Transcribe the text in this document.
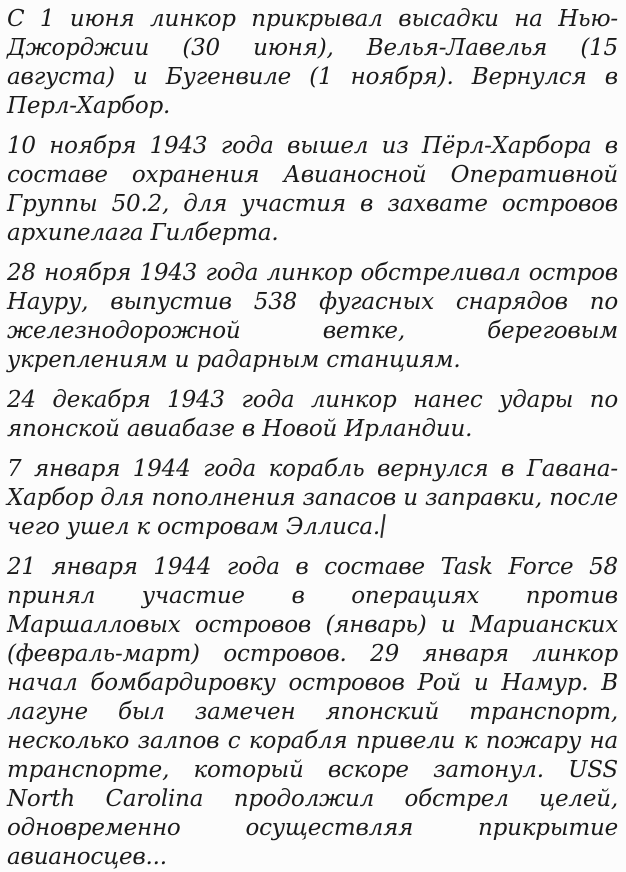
С 1 июня линкор прикрывал высадки на Нью-Джорджии (30 июня), Велья-Лавелья (15 августа) и Бугенвиле (1 ноября). Вернулся в Перл-Харбор.

10 ноября 1943 года вышел из Пёрл-Харбора в составе охранения Авианосной Оперативной Группы 50.2, для участия в захвате островов архипелага Гилберта.

28 ноября 1943 года линкор обстреливал остров Науру, выпустив 538 фугасных снарядов по железнодорожной ветке, береговым укреплениям и радарным станциям.

24 декабря 1943 года линкор нанес удары по японской авиабазе в Новой Ирландии.

7 января 1944 года корабль вернулся в Гавана-Харбор для пополнения запасов и заправки, после чего ушел к островам Эллиса.

21 января 1944 года в составе Task Force 58 принял участие в операциях против Маршалловых островов (январь) и Марианских (февраль-март) островов. 29 января линкор начал бомбардировку островов Рой и Намур. В лагуне был замечен японский транспорт, несколько залпов с корабля привели к пожару на транспорте, который вскоре затонул. USS North Carolina продолжил обстрел целей, одновременно осуществляя прикрытие авианосцев...
